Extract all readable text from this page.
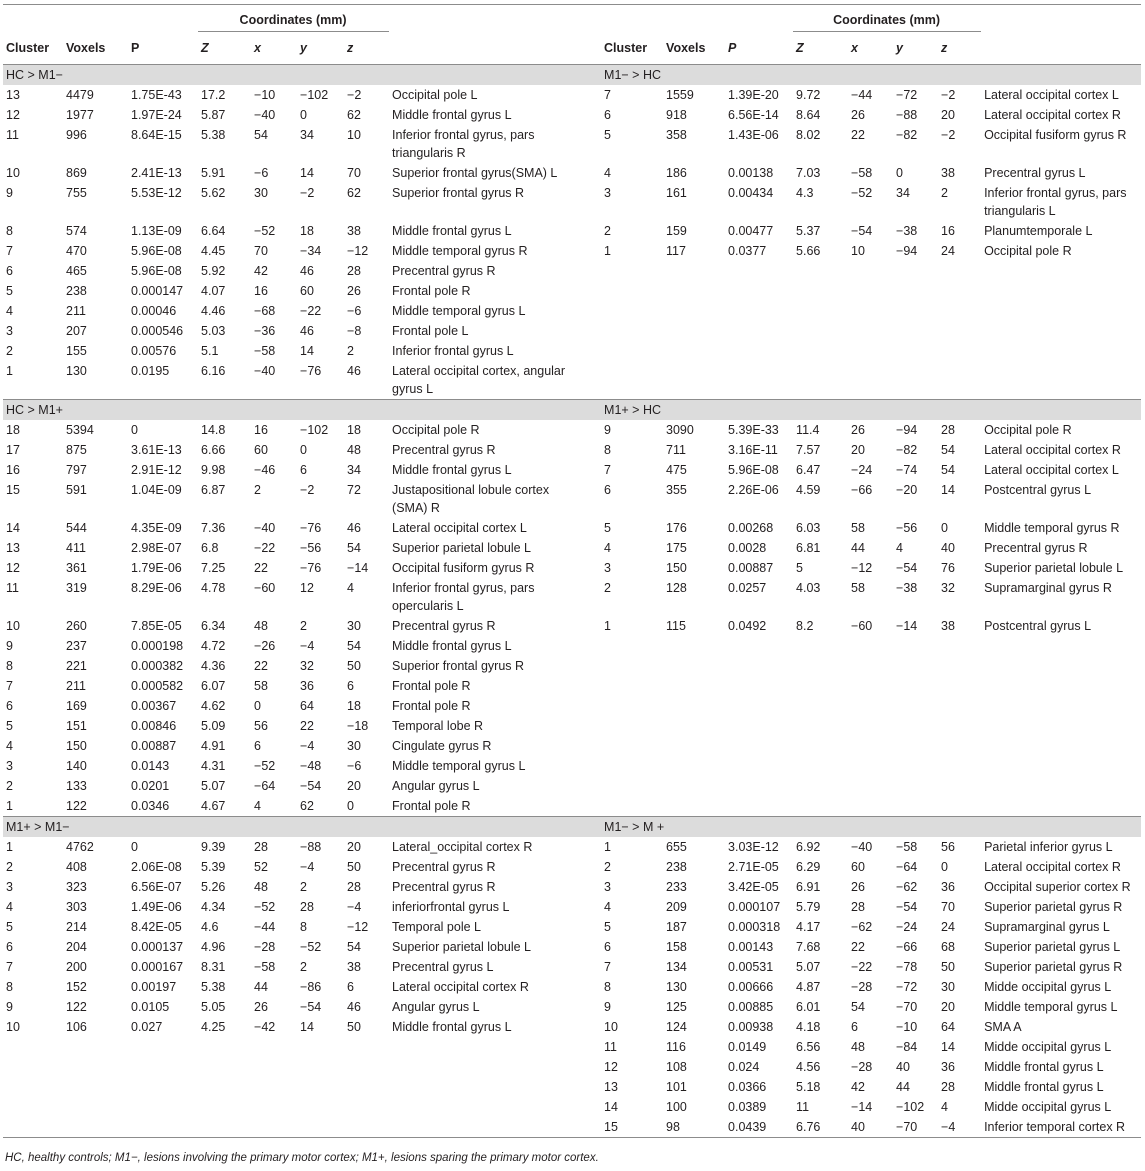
			Coordinates (mm)									Coordinates (mm)				
Cluster	Voxels	P	Z	x	y	z			Cluster	Voxels	P	Z	x	y	z	
HC > M1−									M1− > HC							
13	4479	1.75E-43	17.2	−10	−102	−2	Occipital pole L		7	1559	1.39E-20	9.72	−44	−72	−2	Lateral occipital cortex L
12	1977	1.97E-24	5.87	−40	0	62	Middle frontal gyrus L		6	918	6.56E-14	8.64	26	−88	20	Lateral occipital cortex R
11	996	8.64E-15	5.38	54	34	10	Inferior frontal gyrus, pars triangularis R		5	358	1.43E-06	8.02	22	−82	−2	Occipital fusiform gyrus R
10	869	2.41E-13	5.91	−6	14	70	Superior frontal gyrus(SMA) L		4	186	0.00138	7.03	−58	0	38	Precentral gyrus L
9	755	5.53E-12	5.62	30	−2	62	Superior frontal gyrus R		3	161	0.00434	4.3	−52	34	2	Inferior frontal gyrus, pars triangularis L
8	574	1.13E-09	6.64	−52	18	38	Middle frontal gyrus L		2	159	0.00477	5.37	−54	−38	16	Planumtemporale L
7	470	5.96E-08	4.45	70	−34	−12	Middle temporal gyrus R		1	117	0.0377	5.66	10	−94	24	Occipital pole R
6	465	5.96E-08	5.92	42	46	28	Precentral gyrus R									
5	238	0.000147	4.07	16	60	26	Frontal pole R									
4	211	0.00046	4.46	−68	−22	−6	Middle temporal gyrus L									
3	207	0.000546	5.03	−36	46	−8	Frontal pole L									
2	155	0.00576	5.1	−58	14	2	Inferior frontal gyrus L									
1	130	0.0195	6.16	−40	−76	46	Lateral occipital cortex, angular gyrus L									
HC > M1+									M1+ > HC							
18	5394	0	14.8	16	−102	18	Occipital pole R		9	3090	5.39E-33	11.4	26	−94	28	Occipital pole R
17	875	3.61E-13	6.66	60	0	48	Precentral gyrus R		8	711	3.16E-11	7.57	20	−82	54	Lateral occipital cortex R
16	797	2.91E-12	9.98	−46	6	34	Middle frontal gyrus L		7	475	5.96E-08	6.47	−24	−74	54	Lateral occipital cortex L
15	591	1.04E-09	6.87	2	−2	72	Justapositional lobule cortex (SMA) R		6	355	2.26E-06	4.59	−66	−20	14	Postcentral gyrus L
14	544	4.35E-09	7.36	−40	−76	46	Lateral occipital cortex L		5	176	0.00268	6.03	58	−56	0	Middle temporal gyrus R
13	411	2.98E-07	6.8	−22	−56	54	Superior parietal lobule L		4	175	0.0028	6.81	44	4	40	Precentral gyrus R
12	361	1.79E-06	7.25	22	−76	−14	Occipital fusiform gyrus R		3	150	0.00887	5	−12	−54	76	Superior parietal lobule L
11	319	8.29E-06	4.78	−60	12	4	Inferior frontal gyrus, pars opercularis L		2	128	0.0257	4.03	58	−38	32	Supramarginal gyrus R
10	260	7.85E-05	6.34	48	2	30	Precentral gyrus R		1	115	0.0492	8.2	−60	−14	38	Postcentral gyrus L
9	237	0.000198	4.72	−26	−4	54	Middle frontal gyrus L									
8	221	0.000382	4.36	22	32	50	Superior frontal gyrus R									
7	211	0.000582	6.07	58	36	6	Frontal pole R									
6	169	0.00367	4.62	0	64	18	Frontal pole R									
5	151	0.00846	5.09	56	22	−18	Temporal lobe R									
4	150	0.00887	4.91	6	−4	30	Cingulate gyrus R									
3	140	0.0143	4.31	−52	−48	−6	Middle temporal gyrus L									
2	133	0.0201	5.07	−64	−54	20	Angular gyrus L									
1	122	0.0346	4.67	4	62	0	Frontal pole R									
M1+ > M1−									M1− > M +							
1	4762	0	9.39	28	−88	20	Lateral_occipital cortex R		1	655	3.03E-12	6.92	−40	−58	56	Parietal inferior gyrus L
2	408	2.06E-08	5.39	52	−4	50	Precentral gyrus R		2	238	2.71E-05	6.29	60	−64	0	Lateral occipital cortex R
3	323	6.56E-07	5.26	48	2	28	Precentral gyrus R		3	233	3.42E-05	6.91	26	−62	36	Occipital superior cortex R
4	303	1.49E-06	4.34	−52	28	−4	inferiorfrontal gyrus L		4	209	0.000107	5.79	28	−54	70	Superior parietal gyrus R
5	214	8.42E-05	4.6	−44	8	−12	Temporal pole L		5	187	0.000318	4.17	−62	−24	24	Supramarginal gyrus L
6	204	0.000137	4.96	−28	−52	54	Superior parietal lobule L		6	158	0.00143	7.68	22	−66	68	Superior parietal gyrus L
7	200	0.000167	8.31	−58	2	38	Precentral gyrus L		7	134	0.00531	5.07	−22	−78	50	Superior parietal gyrus R
8	152	0.00197	5.38	44	−86	6	Lateral occipital cortex R		8	130	0.00666	4.87	−28	−72	30	Midde occipital gyrus L
9	122	0.0105	5.05	26	−54	46	Angular gyrus L		9	125	0.00885	6.01	54	−70	20	Middle temporal gyrus L
10	106	0.027	4.25	−42	14	50	Middle frontal gyrus L		10	124	0.00938	4.18	6	−10	64	SMA A
									11	116	0.0149	6.56	48	−84	14	Midde occipital gyrus L
									12	108	0.024	4.56	−28	40	36	Middle frontal gyrus L
									13	101	0.0366	5.18	42	44	28	Middle frontal gyrus L
									14	100	0.0389	11	−14	−102	4	Midde occipital gyrus L
									15	98	0.0439	6.76	40	−70	−4	Inferior temporal cortex R
HC, healthy controls; M1−, lesions involving the primary motor cortex; M1+, lesions sparing the primary motor cortex.
